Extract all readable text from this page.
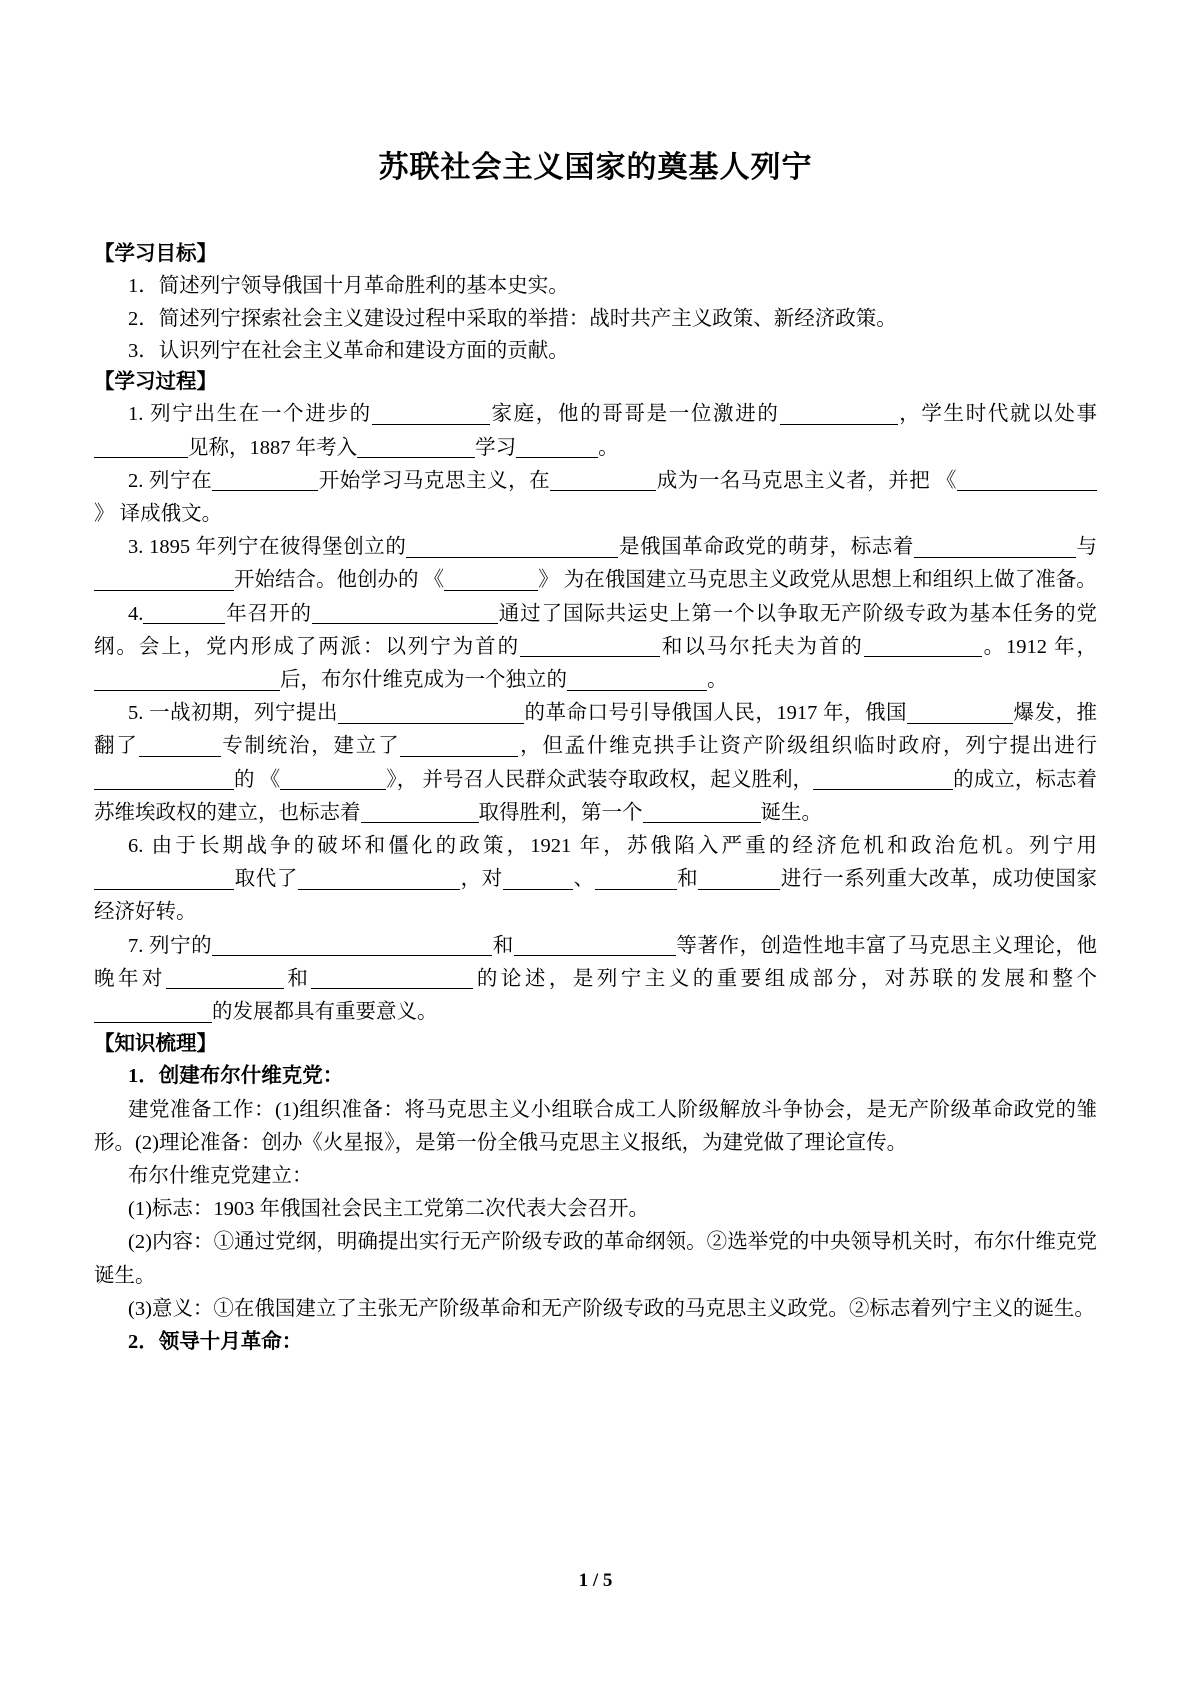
苏联社会主义国家的奠基人列宁
【学习目标】
1．简述列宁领导俄国十月革命胜利的基本史实。
2．简述列宁探索社会主义建设过程中采取的举措：战时共产主义政策、新经济政策。
3．认识列宁在社会主义革命和建设方面的贡献。
【学习过程】

1. 列宁出生在一个进步的	家庭，他的哥哥是一位激进的	，学生时代就以处事见称，1887 年考入	学习	。

2. 列宁在	开始学习马克思主义，在	成为一名马克思主义者，并把 《》 译成俄文。

3. 1895 年列宁在彼得堡创立的	是俄国革命政党的萌芽，标志着	与开始结合。他创办的 《	》 为在俄国建立马克思主义政党从思想上和组织上做了准备。

4.	年召开的	通过了国际共运史上第一个以争取无产阶级专政为基本任务的党纲。会上，党内形成了两派：以列宁为首的	和以马尔托夫为首的	。1912 年，后，布尔什维克成为一个独立的	。

5. 一战初期，列宁提出	的革命口号引导俄国人民，1917 年，俄国	爆发，推翻了	专制统治，建立了	，但孟什维克拱手让资产阶级组织临时政府，列宁提出进行的 《	》， 并号召人民群众武装夺取政权，起义胜利，	的成立，标志着苏维埃政权的建立，也标志着	取得胜利，第一个	诞生。

6. 由于长期战争的破坏和僵化的政策，1921 年，苏俄陷入严重的经济危机和政治危机。列宁用取代了	，对	、	和	进行一系列重大改革，成功使国家经济好转。

7. 列宁的	和	等著作，创造性地丰富了马克思主义理论，他晚年对	和	的论述，是列宁主义的重要组成部分，对苏联的发展和整个的发展都具有重要意义。

【知识梳理】
1．创建布尔什维克党：

建党准备工作：(1)组织准备：将马克思主义小组联合成工人阶级解放斗争协会，是无产阶级革命政党的雏形。(2)理论准备：创办《火星报》，是第一份全俄马克思主义报纸，为建党做了理论宣传。

布尔什维克党建立：

(1)标志：1903 年俄国社会民主工党第二次代表大会召开。

(2)内容：①通过党纲，明确提出实行无产阶级专政的革命纲领。②选举党的中央领导机关时，布尔什维克党诞生。

(3)意义：①在俄国建立了主张无产阶级革命和无产阶级专政的马克思主义政党。②标志着列宁主义的诞生。

2．领导十月革命：
1 / 5
